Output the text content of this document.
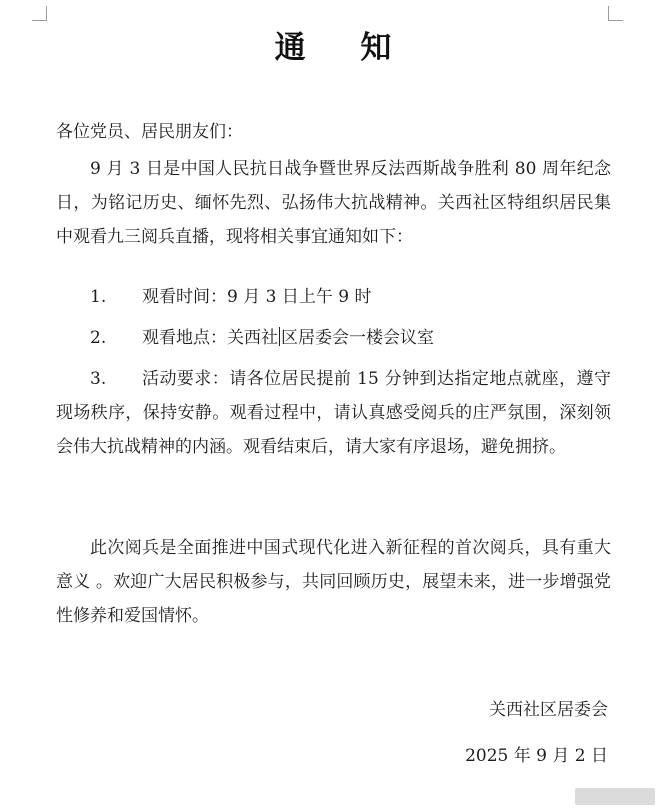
通 知
各位党员、居民朋友们：
9 月 3 日是中国人民抗日战争暨世界反法西斯战争胜利 80 周年纪念日，为铭记历史、缅怀先烈、弘扬伟大抗战精神。关西社区特组织居民集中观看九三阅兵直播，现将相关事宜通知如下：
1.	观看时间：9 月 3 日上午 9 时
2.	观看地点：关西社 区居委会一楼会议室
3.	活动要求：请各位居民提前 15 分钟到达指定地点就座，遵守现场秩序，保持安静。观看过程中，请认真感受阅兵的庄严氛围，深刻领会伟大抗战精神的内涵。观看结束后，请大家有序退场，避免拥挤。
此次阅兵是全面推进中国式现代化进入新征程的首次阅兵，具有重大意义 。欢迎广大居民积极参与，共同回顾历史，展望未来，进一步增强党性修养和爱国情怀。
关西社区居委会
2025 年 9 月 2 日
